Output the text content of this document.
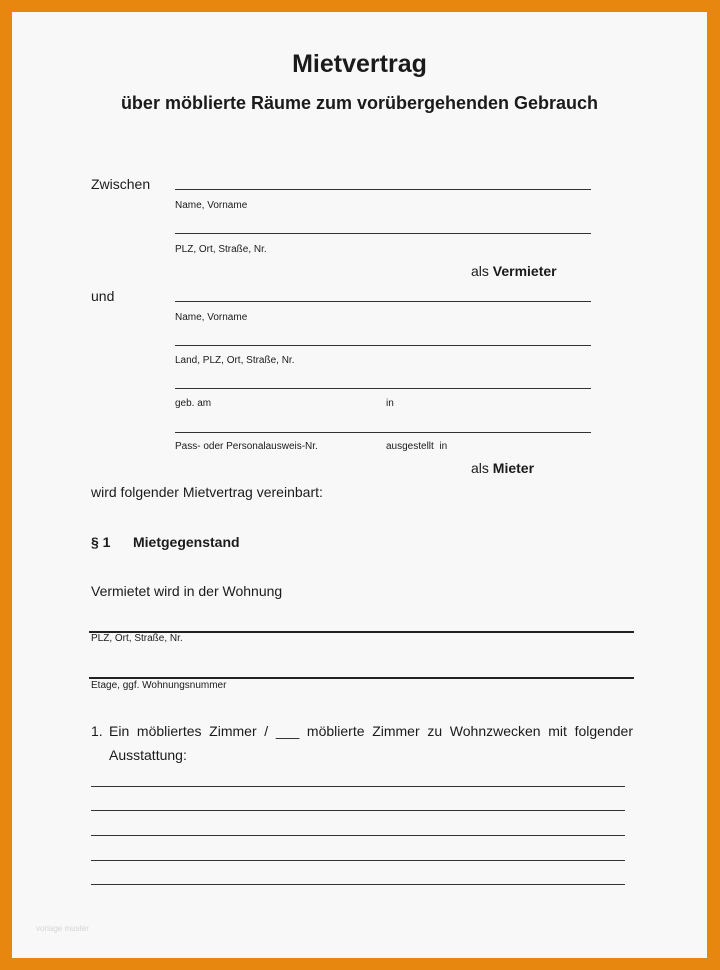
Mietvertrag
über möblierte Räume zum vorübergehenden Gebrauch
Zwischen
Name, Vorname
PLZ, Ort, Straße, Nr.
als Vermieter
und
Name, Vorname
Land, PLZ, Ort, Straße, Nr.
geb. am	in
Pass- oder Personalausweis-Nr.	ausgestellt  in
als Mieter
wird folgender Mietvertrag vereinbart:
§ 1 Mietgegenstand
Vermietet wird in der Wohnung
PLZ, Ort, Straße, Nr.
Etage, ggf. Wohnungsnummer
1. Ein möbliertes Zimmer / ___ möblierte Zimmer zu Wohnzwecken mit folgender Ausstattung:
vorlage muster
